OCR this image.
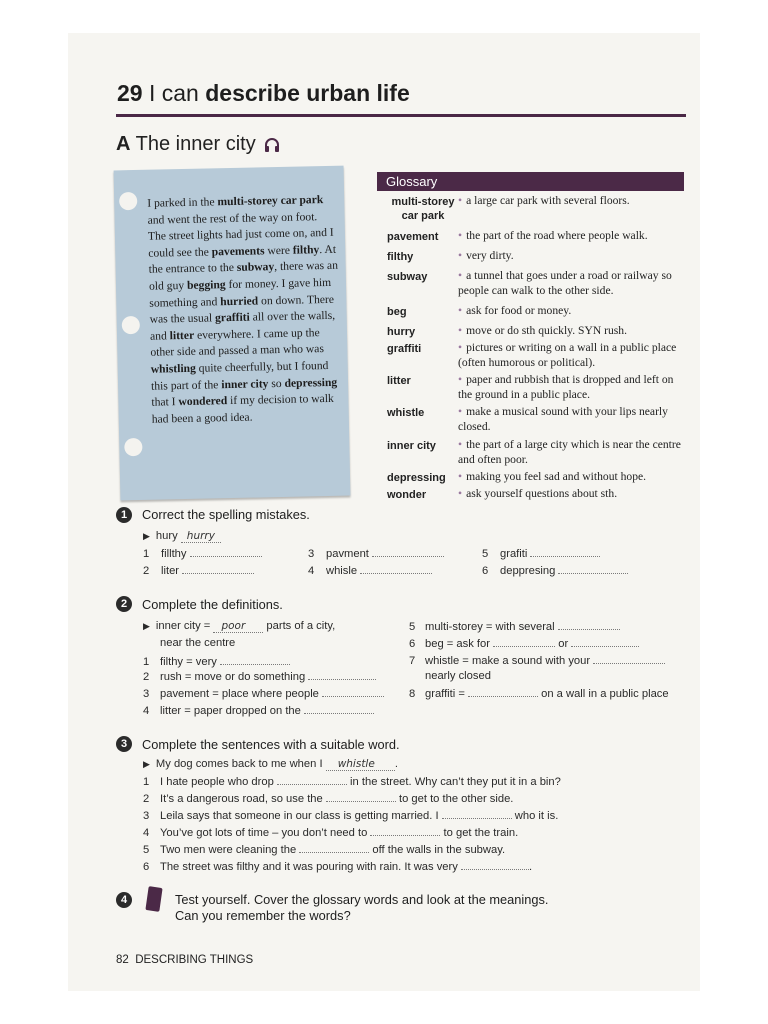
29 I can describe urban life
A The inner city

I parked in the multi-storey car park and went the rest of the way on foot. The street lights had just come on, and I could see the pavements were filthy. At the entrance to the subway, there was an old guy begging for money. I gave him something and hurried on down. There was the usual graffiti all over the walls, and litter everywhere. I came up the other side and passed a man who was whistling quite cheerfully, but I found this part of the inner city so depressing that I wondered if my decision to walk had been a good idea.

Glossary
multi-storey car park
• a large car park with several floors.
pavement	• the part of the road where people walk.
filthy	• very dirty.
subway	• a tunnel that goes under a road or railway so people can walk to the other side.
beg	• ask for food or money.
hurry	• move or do sth quickly. SYN rush.
graffiti	• pictures or writing on a wall in a public place (often humorous or political).
litter	• paper and rubbish that is dropped and left on the ground in a public place.
whistle	• make a musical sound with your lips nearly closed.
inner city	• the part of a large city which is near the centre and often poor.
depressing	• making you feel sad and without hope.
wonder	• ask yourself questions about sth.
1	Correct the spelling mistakes.
▶ hury hurry
1 fillthy
2 liter
3 pavment
4 whisle
5 grafiti
6 deppresing
2	Complete the definitions.
▶ inner city = poor parts of a city,
near the centre
1 filthy = very
2 rush = move or do something
3 pavement = place where people
4 litter = paper dropped on the
5 multi-storey = with several
6 beg = ask for	or
7 whistle = make a sound with your
nearly closed
8 graffiti =	on a wall in a public place
3	Complete the sentences with a suitable word.
▶ My dog comes back to me when I whistle .
1 I hate people who drop	in the street. Why can’t they put it in a bin?
2 It’s a dangerous road, so use the	to get to the other side.
3 Leila says that someone in our class is getting married. I	who it is.
4 You’ve got lots of time – you don’t need to	to get the train.
5 Two men were cleaning the	off the walls in the subway.
6 The street was filthy and it was pouring with rain. It was very	.
4	Test yourself. Cover the glossary words and look at the meanings.
Can you remember the words?
82 DESCRIBING THINGS
